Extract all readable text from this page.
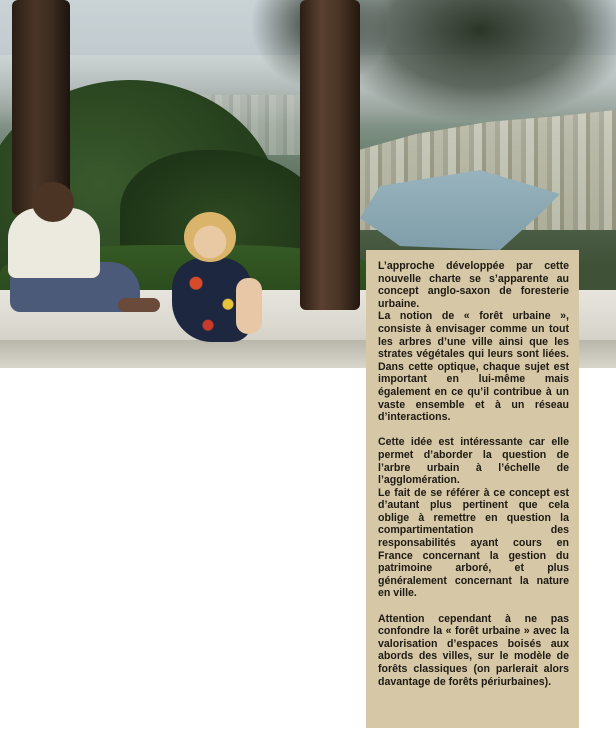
L’approche développée par cette nouvelle charte se s’apparente au concept anglo-saxon de foresterie urbaine.

La notion de « forêt urbaine », consiste à envisager comme un tout les arbres d’une ville ainsi que les strates végétales qui leurs sont liées. Dans cette optique, chaque sujet est important en lui-même mais également en ce qu’il contribue à un vaste ensemble et à un réseau d’interactions.

Cette idée est intéressante car elle permet d’aborder la question de l’arbre urbain à l’échelle de l’agglomération.

Le fait de se référer à ce concept est d’autant plus pertinent que cela oblige à remettre en question la compartimentation des responsabilités ayant cours en France concernant la gestion du patrimoine arboré, et plus généralement concernant la nature en ville.

Attention cependant à ne pas confondre la « forêt urbaine » avec la valorisation d’espaces boisés aux abords des villes, sur le modèle de forêts classiques (on parlerait alors davantage de forêts périurbaines).
